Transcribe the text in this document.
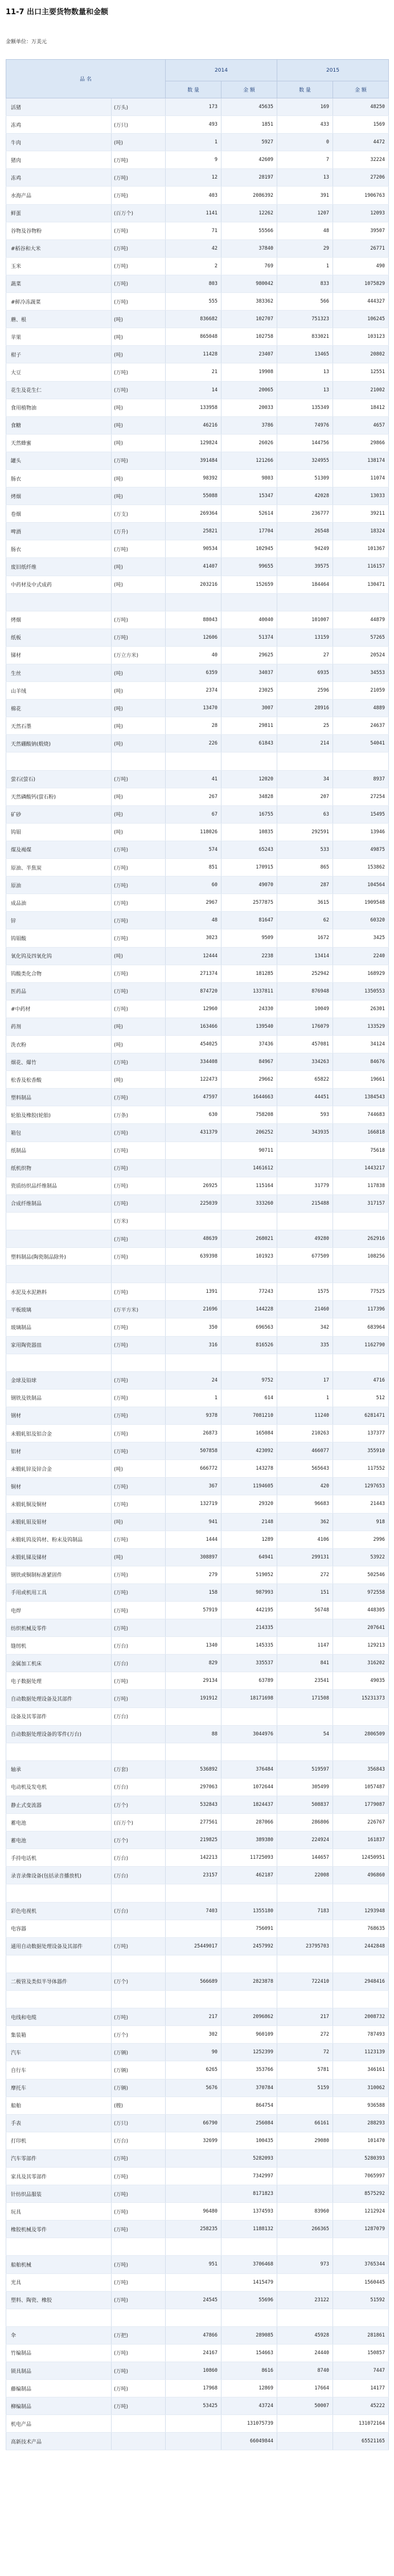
11-7 出口主要货物数量和金额
金额单位：万美元
品 名		2014		2015	
		数 量	金 额	数 量	金 额
活猪	(万头)	173	45635	169	48250
冻鸡	(万只)	493	1851	433	1569
牛肉	(吨)	1	5927	0	4472
猪肉	(万吨)	9	42609	7	32224
冻鸡	(万吨)	12	28197	13	27206
水海产品	(万吨)	403	2086392	391	1906763
鲜蛋	(百万个)	1141	12262	1207	12093
谷物及谷物粉	(万吨)	71	55566	48	39507
#稻谷和大米	(万吨)	42	37840	29	26771
玉米	(万吨)	2	769	1	490
蔬菜	(万吨)	803	980042	833	1075829
#鲜冷冻蔬菜	(万吨)	555	383362	566	444327
蘑、根	(吨)	836682	102707	751323	106245
苹果	(吨)	865048	102758	833021	103123
柑子	(吨)	11428	23407	13465	20802
大豆	(万吨)	21	19908	13	12551
花生及花生仁	(万吨)	14	20065	13	21002
食用植物油	(吨)	133958	20033	135349	18412
食糖	(吨)	46216	3786	74976	4657
天然蜂蜜	(吨)	129824	26026	144756	29866
罐头	(万吨)	391484	121266	324955	138174
肠衣	(吨)	98392	9803	51309	11074
烤烟	(吨)	55088	15347	42028	13033
卷烟	(万支)	269364	52614	236777	39211
啤酒	(万升)	25821	17704	26548	18324
肠衣	(万吨)	90534	102945	94249	101367
废旧纸纤维	(吨)	41407	99655	39575	116157
中药材及中式成药	(吨)	203216	152659	184464	130471

烤烟	(万吨)	88043	40040	101007	44879
纸板	(万吨)	12606	51374	13159	57265
锑材	(万立方米)	40	29625	27	20524
生丝	(吨)	6359	34037	6935	34553
山羊绒	(吨)	2374	23025	2596	21059
棉花	(吨)	13470	3007	28916	4889
天然石墨	(吨)	28	29811	25	24637
天然硼酸钠(煅烧)	(吨)	226	61843	214	54041

萤石(萤石)	(万吨)	41	12020	34	8937
天然磷酸钙(萤石粉)	(吨)	267	34828	207	27254
矿砂	(吨)	67	16755	63	15495
钨钼	(吨)	118026	10835	292591	13946
煤及褐煤	(万吨)	574	65243	533	49875
原油、半焦炭	(万吨)	851	170915	865	153862
原油	(万吨)	60	49070	287	104564
成品油	(万吨)	2967	2577875	3615	1909548
锌	(万吨)	48	81647	62	60320
钨钼酸	(万吨)	3023	9509	1672	3425
氧化钨及四氧化钨	(吨)	12444	2238	13414	2240
钨酸类化合物	(万吨)	271374	181285	252942	168929
医药品	(万吨)	874720	1337811	876948	1350553
#中药材	(万吨)	12960	24330	10049	26301
药剂	(吨)	163466	139540	176079	133529
洗衣粉	(吨)	454025	37436	457081	34124
烟花、爆竹	(万吨)	334408	84967	334263	84676
松香及松香酸	(吨)	122473	29662	65822	19661
塑料制品	(万吨)	47597	1644663	44451	1384543
轮胎及橡胶(轮胎)	(万条)	630	758208	593	744683
箱包	(万吨)	431379	206252	343935	166818
纸制品	(万吨)		90711		75618
纸机织物	(万吨)		1461612		1443217
瓷质纺织品纤维制品	(万吨)	26925	115164	31779	117838
合成纤维制品	(万吨)	225039	333260	215488	317157
	(万米)				
	(万吨)	48639	268021	49280	262916
塑料制品(陶瓷制品除外)	(万吨)	639398	101923	677509	108256

水泥及水泥熟料	(万吨)	1391	77243	1575	77525
平板玻璃	(万平方米)	21696	144228	21460	117396
玻璃制品	(万吨)	350	696563	342	683964
家用陶瓷器皿	(万吨)	316	816526	335	1162790

金球及铅球	(万吨)	24	9752	17	4716
钢铁及铁制品	(万吨)	1	614	1	512
钢材	(万吨)	9378	7081210	11240	6281471
未锻轧铝及铝合金	(万吨)	26873	165084	210263	137377
铝材	(万吨)	507858	423092	466077	355910
未锻轧锌及锌合金	(吨)	666772	143278	565643	117552
铜材	(万吨)	367	1194605	420	1297653
未锻轧铜及铜材	(万吨)	132719	29320	96683	21443
未锻轧钼及钼材	(吨)	941	2148	362	918
未锻轧钨及钨材、粉末及钨制品	(万吨)	1444	1289	4106	2996
未锻轧锑及锑材	(吨)	308897	64941	299131	53922
钢铁或铜制标准紧固件	(万吨)	279	519052	272	502546
手用或机用工具	(万吨)	158	987993	151	972558
电焊	(万吨)	57919	442195	56748	448305
纺织机械及零件	(万吨)		214335		207641
缝纫机	(万台)	1340	145335	1147	129213
金属加工机床	(万台)	829	335537	841	316202
电子数据处理	(万吨)	29134	63789	23541	49035
自动数据处理设备及其部件	(万吨)	191912	18171698	171508	15231373
设备及其零部件	(万台)				
自动数据处理设备的零件(万台)		88	3044976	54	2806509

轴承	(万套)	536892	376484	519597	356843
电动机及发电机	(万台)	297063	1072644	305499	1057487
静止式变流器	(万个)	532843	1824437	508837	1779087
蓄电池	(百万个)	277561	287066	286806	226767
蓄电池	(万个)	219825	389380	224924	161837
手持电话机	(万台)	142213	11725093	144657	12450951
录音录像设备(包括录音播放机)	(万台)	23157	462187	22008	496860

彩色电视机	(万台)	7403	1355180	7183	1293948
电容器			756091		768635
通用自动数据处理设备及其部件	(万吨)	25449017	2457992	23795703	2442848

二极管及类似半导体器件	(万个)	566689	2823878	722410	2948416

电线和电缆	(万吨)	217	2096862	217	2008732
集装箱	(万个)	302	960109	272	787493
汽车	(万辆)	90	1252399	72	1123139
自行车	(万辆)	6265	353766	5781	346161
摩托车	(万辆)	5676	370784	5159	310062
船舶	(艘)		864754		936588
手表	(万只)	66790	256084	66161	288293
打印机	(万台)	32699	100435	29080	101470
汽车零部件	(万吨)		5282093		5280393
家具及其零部件	(万吨)		7342997		7065997
针纺织品服装	(万吨)		8171823		8575292
玩具	(万吨)	96480	1374593	83960	1212924
橡胶机械及零件	(万吨)	258235	1188132	266365	1287079

船舶机械	(万吨)	951	3706468	973	3765344
光具	(万吨)		1415479		1560445
塑料、陶瓷、橡胶	(万吨)	24545	55696	23122	51592

伞	(万把)	47866	289085	45928	281861
竹编制品	(万吨)	24167	154663	24440	150857
锁具制品	(万吨)	10860	8616	8740	7447
藤编制品	(万吨)	17968	12869	17664	14177
柳编制品	(万吨)	53425	43724	50007	45222
机电产品			131075739		131072164
高新技术产品			66049844		65521165
